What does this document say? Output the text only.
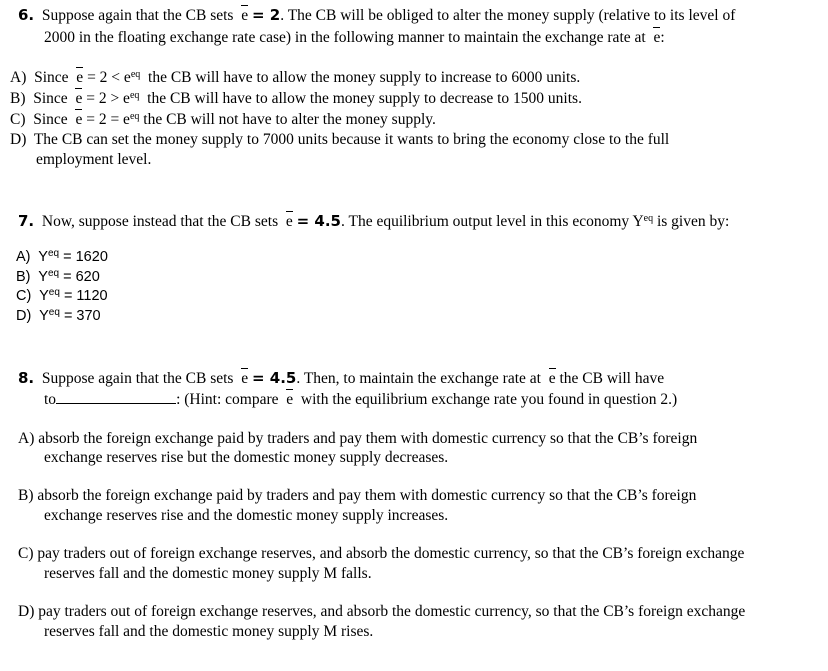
6. Suppose again that the CB sets e = 2. The CB will be obliged to alter the money supply (relative to its level of
2000 in the floating exchange rate case) in the following manner to maintain the exchange rate at e:
A) Since $e = 2 < e^{eq}$ the CB will have to allow the money supply to increase to 6000 units.
B) Since $e = 2 > e^{eq}$ the CB will have to allow the money supply to decrease to 1500 units.
C) Since $e = 2 = e^{eq}$ the CB will not have to alter the money supply.
D) The CB can set the money supply to 7000 units because it wants to bring the economy close to the full
employment level.
7. Now, suppose instead that the CB sets e = 4.5. The equilibrium output level in this economy $Y^{eq}$ is given by:
A) $Y^{eq} = 1620$
B) $Y^{eq} = 620$
C) $Y^{eq} = 1120$
D) $Y^{eq} = 370$
8. Suppose again that the CB sets e = 4.5. Then, to maintain the exchange rate at e the CB will have
to	: (Hint: compare e with the equilibrium exchange rate you found in question 2.)
A) absorb the foreign exchange paid by traders and pay them with domestic currency so that the CB’s foreign
exchange reserves rise but the domestic money supply decreases.
B) absorb the foreign exchange paid by traders and pay them with domestic currency so that the CB’s foreign
exchange reserves rise and the domestic money supply increases.
C) pay traders out of foreign exchange reserves, and absorb the domestic currency, so that the CB’s foreign exchange
reserves fall and the domestic money supply M falls.
D) pay traders out of foreign exchange reserves, and absorb the domestic currency, so that the CB’s foreign exchange
reserves fall and the domestic money supply M rises.
